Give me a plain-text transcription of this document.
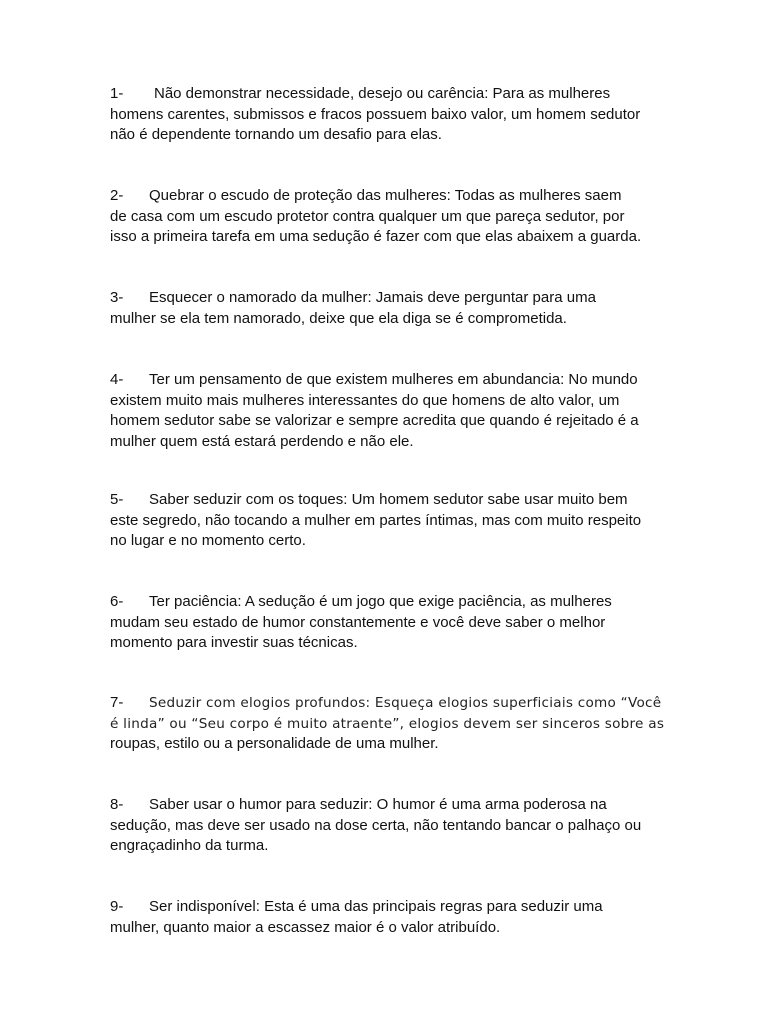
1- Não demonstrar necessidade, desejo ou carência: Para as mulheres

homens carentes, submissos e fracos possuem baixo valor, um homem sedutor

não é dependente tornando um desafio para elas.

2- Quebrar o escudo de proteção das mulheres: Todas as mulheres saem

de casa com um escudo protetor contra qualquer um que pareça sedutor, por

isso a primeira tarefa em uma sedução é fazer com que elas abaixem a guarda.

3- Esquecer o namorado da mulher: Jamais deve perguntar para uma

mulher se ela tem namorado, deixe que ela diga se é comprometida.

4- Ter um pensamento de que existem mulheres em abundancia: No mundo

existem muito mais mulheres interessantes do que homens de alto valor, um

homem sedutor sabe se valorizar e sempre acredita que quando é rejeitado é a

mulher quem está estará perdendo e não ele.

5- Saber seduzir com os toques: Um homem sedutor sabe usar muito bem

este segredo, não tocando a mulher em partes íntimas, mas com muito respeito

no lugar e no momento certo.

6- Ter paciência: A sedução é um jogo que exige paciência, as mulheres

mudam seu estado de humor constantemente e você deve saber o melhor

momento para investir suas técnicas.

7- Seduzir com elogios profundos: Esqueça elogios superficiais como “Você

é linda” ou “Seu corpo é muito atraente”, elogios devem ser sinceros sobre as

roupas, estilo ou a personalidade de uma mulher.

8- Saber usar o humor para seduzir: O humor é uma arma poderosa na

sedução, mas deve ser usado na dose certa, não tentando bancar o palhaço ou

engraçadinho da turma.

9- Ser indisponível: Esta é uma das principais regras para seduzir uma

mulher, quanto maior a escassez maior é o valor atribuído.
